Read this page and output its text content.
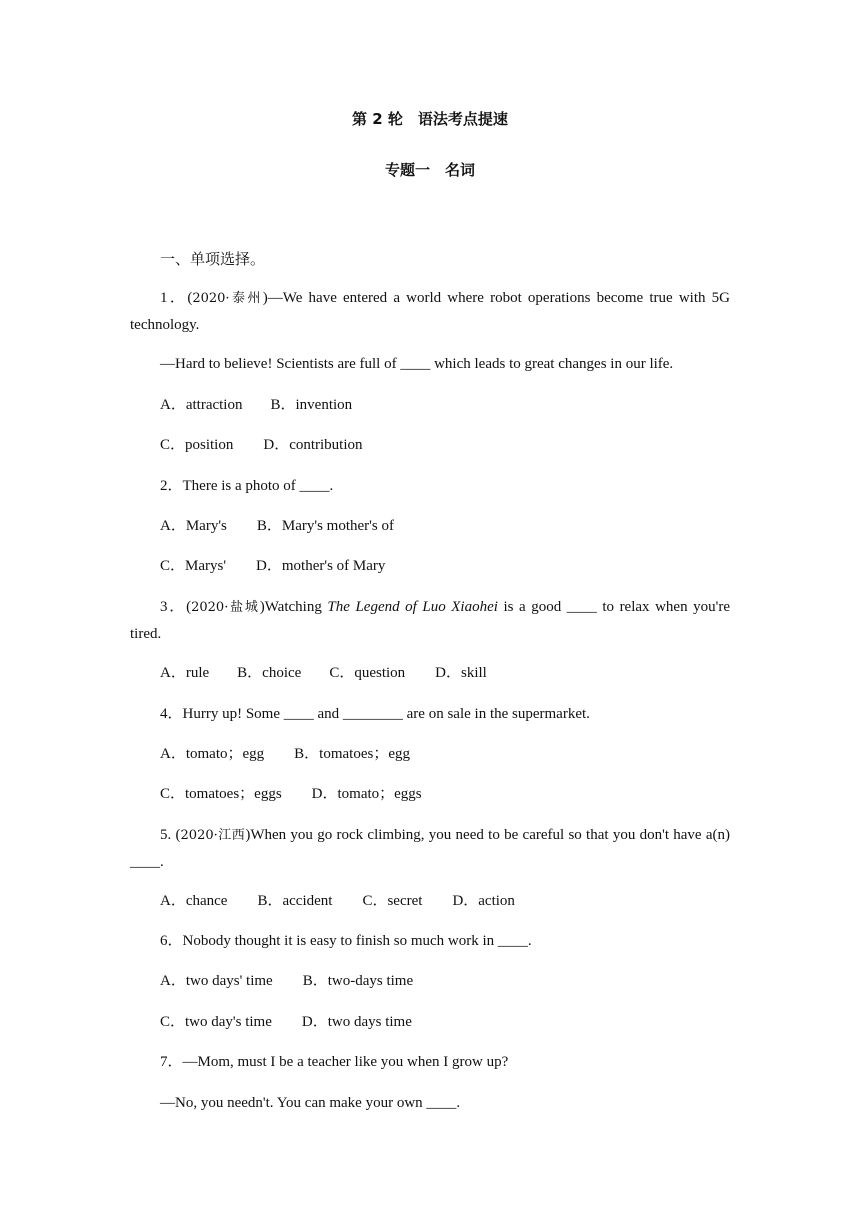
第 2 轮　语法考点提速
专题一　名词
一、单项选择。
1．(2020·泰州)—We have entered a world where robot operations become true with 5G
technology.
—Hard to believe! Scientists are full of ____ which leads to great changes in our life.
A．attraction B．invention
C．position D．contribution
2．There is a photo of ____.
A．Mary's B．Mary's mother's of
C．Marys' D．mother's of Mary
3．(2020·盐城)Watching The Legend of Luo Xiaohei is a good ____ to relax when you're
tired.
A．rule B．choice C．question D．skill
4．Hurry up! Some ____ and ________ are on sale in the supermarket.
A．tomato；egg B．tomatoes；egg
C．tomatoes；eggs D．tomato；eggs
5. (2020·江西)When you go rock climbing, you need to be careful so that you don't have a(n)
____.
A．chance B．accident C．secret D．action
6．Nobody thought it is easy to finish so much work in ____.
A．two days' time B．two-days time
C．two day's time D．two days time
7．—Mom, must I be a teacher like you when I grow up?
—No, you needn't. You can make your own ____.
